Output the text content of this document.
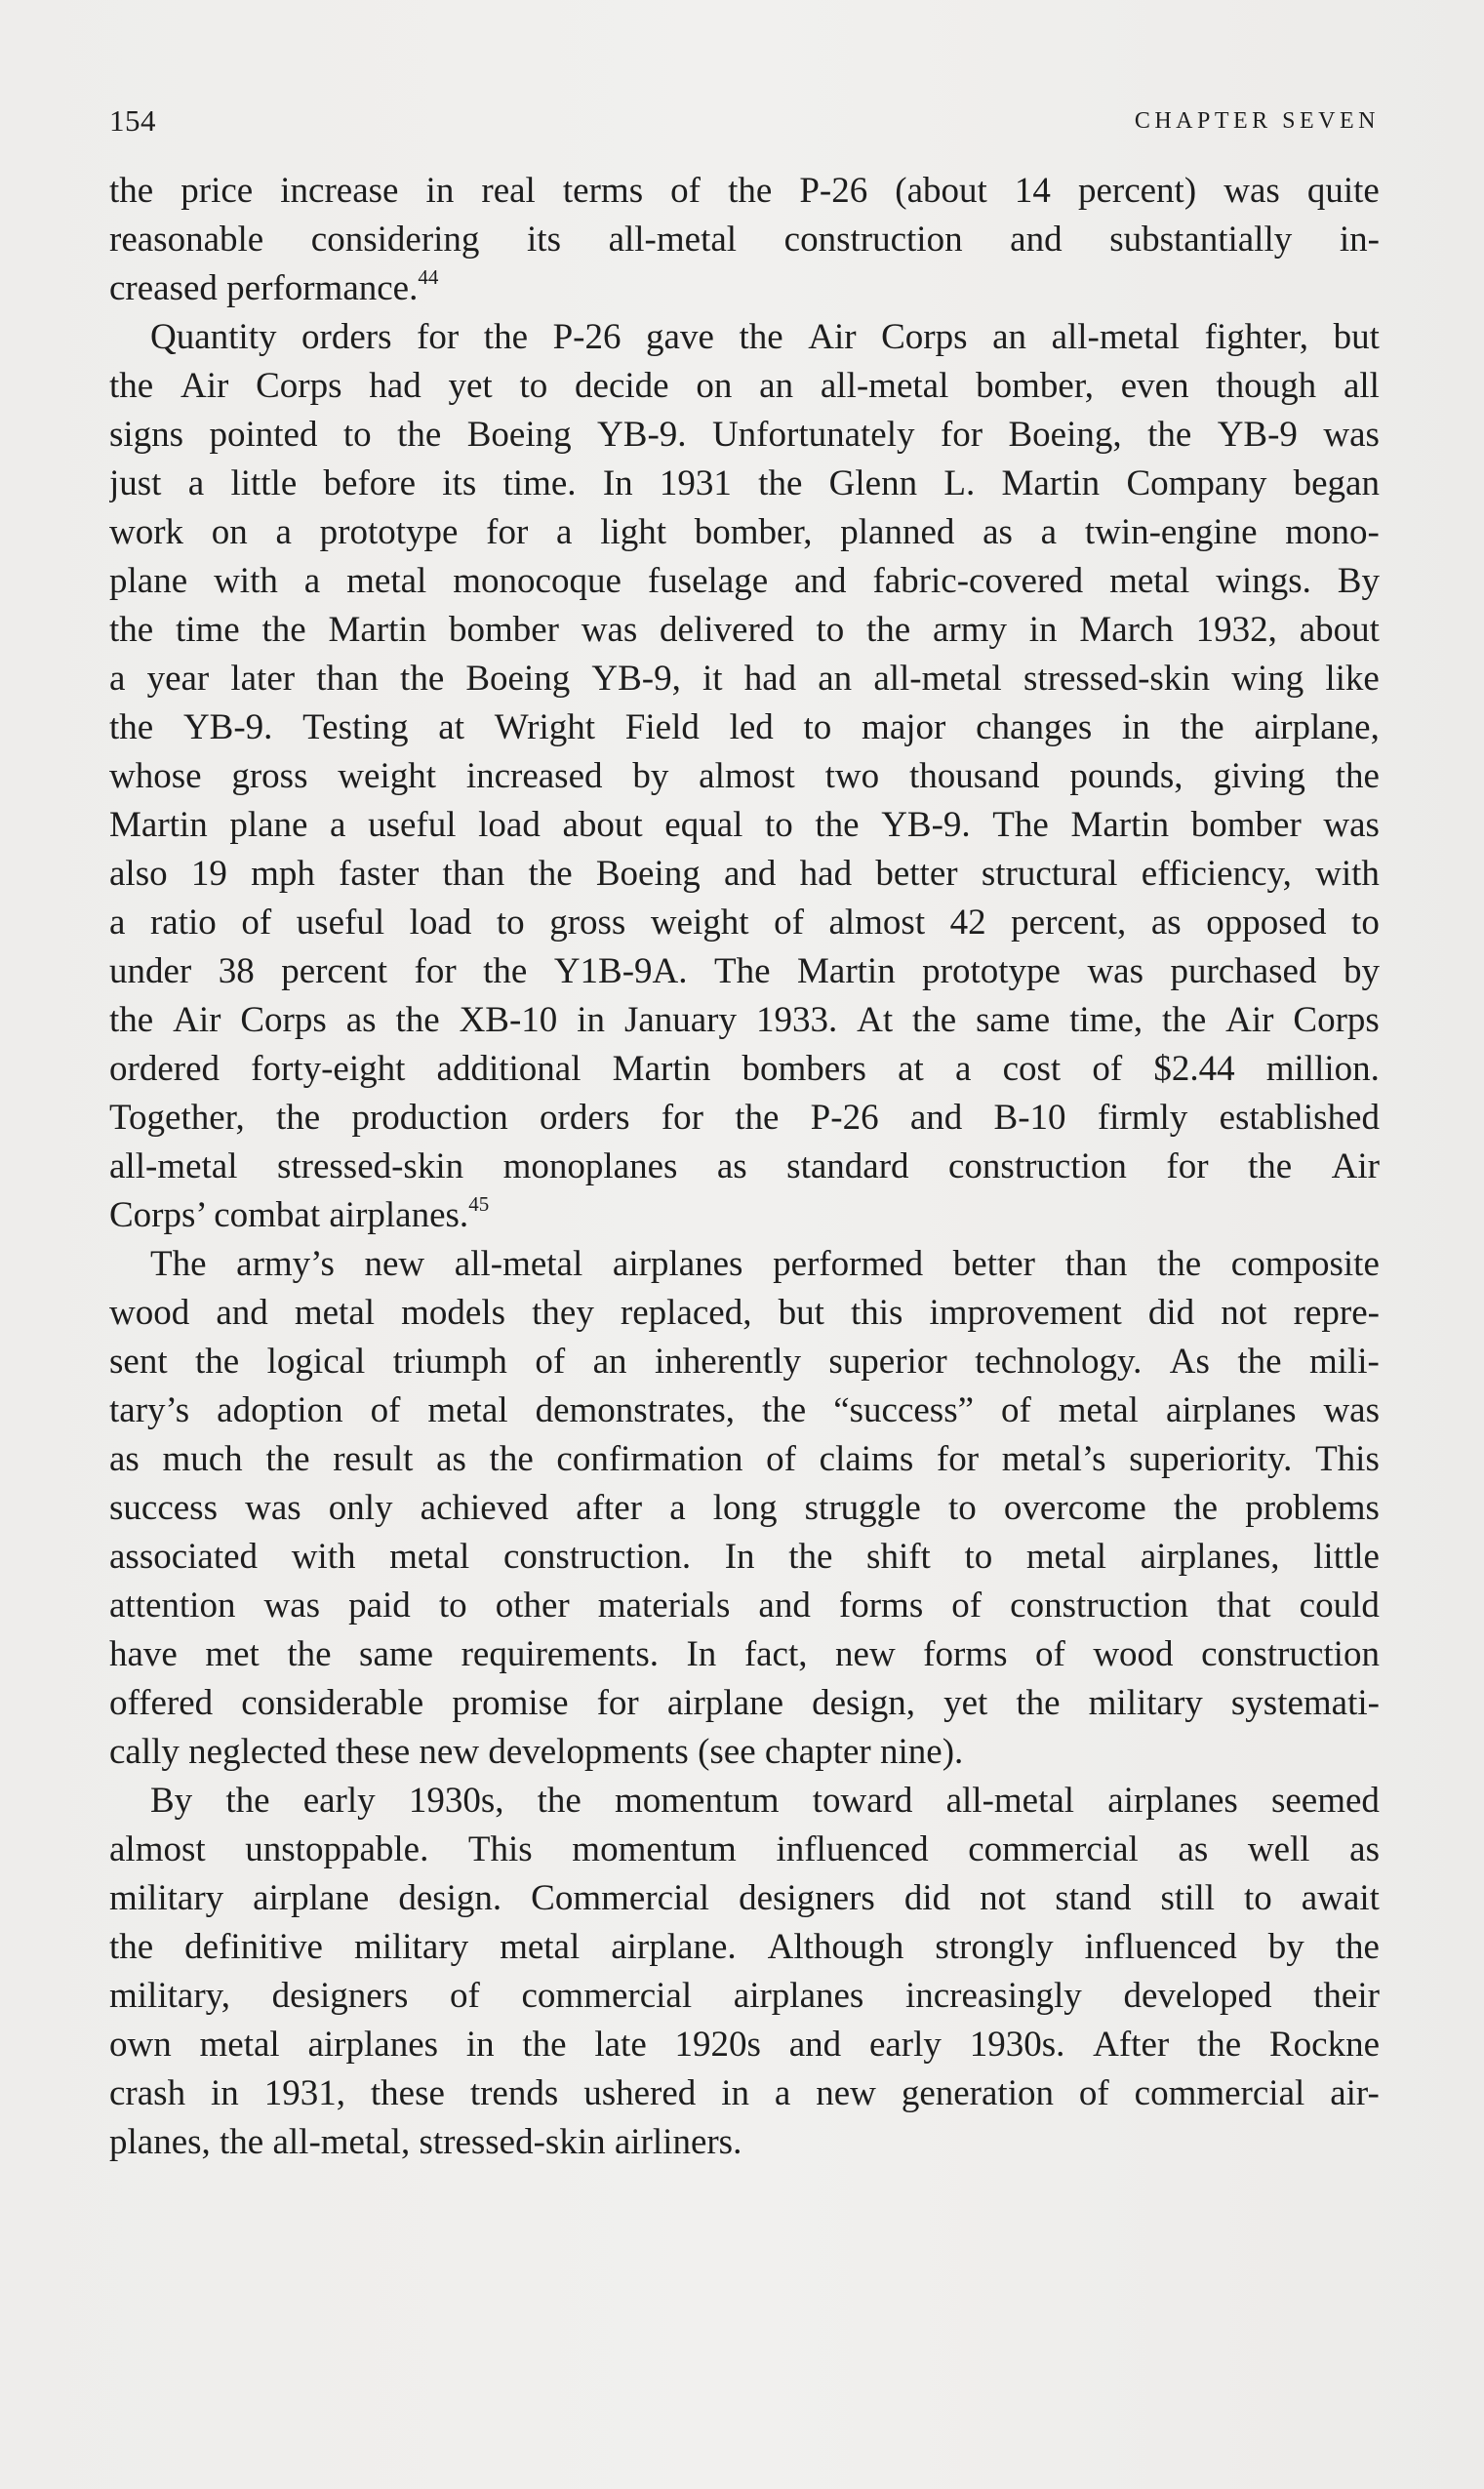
154	CHAPTER SEVEN
the price increase in real terms of the P-26 (about 14 percent) was quite
reasonable considering its all-metal construction and substantially in-
creased performance.$^{44}$
Quantity orders for the P-26 gave the Air Corps an all-metal fighter, but
the Air Corps had yet to decide on an all-metal bomber, even though all
signs pointed to the Boeing YB-9. Unfortunately for Boeing, the YB-9 was
just a little before its time. In 1931 the Glenn L. Martin Company began
work on a prototype for a light bomber, planned as a twin-engine mono-
plane with a metal monocoque fuselage and fabric-covered metal wings. By
the time the Martin bomber was delivered to the army in March 1932, about
a year later than the Boeing YB-9, it had an all-metal stressed-skin wing like
the YB-9. Testing at Wright Field led to major changes in the airplane,
whose gross weight increased by almost two thousand pounds, giving the
Martin plane a useful load about equal to the YB-9. The Martin bomber was
also 19 mph faster than the Boeing and had better structural efficiency, with
a ratio of useful load to gross weight of almost 42 percent, as opposed to
under 38 percent for the Y1B-9A. The Martin prototype was purchased by
the Air Corps as the XB-10 in January 1933. At the same time, the Air Corps
ordered forty-eight additional Martin bombers at a cost of $2.44 million.
Together, the production orders for the P-26 and B-10 firmly established
all-metal stressed-skin monoplanes as standard construction for the Air
Corps’ combat airplanes.$^{45}$
The army’s new all-metal airplanes performed better than the composite
wood and metal models they replaced, but this improvement did not repre-
sent the logical triumph of an inherently superior technology. As the mili-
tary’s adoption of metal demonstrates, the “success” of metal airplanes was
as much the result as the confirmation of claims for metal’s superiority. This
success was only achieved after a long struggle to overcome the problems
associated with metal construction. In the shift to metal airplanes, little
attention was paid to other materials and forms of construction that could
have met the same requirements. In fact, new forms of wood construction
offered considerable promise for airplane design, yet the military systemati-
cally neglected these new developments (see chapter nine).
By the early 1930s, the momentum toward all-metal airplanes seemed
almost unstoppable. This momentum influenced commercial as well as
military airplane design. Commercial designers did not stand still to await
the definitive military metal airplane. Although strongly influenced by the
military, designers of commercial airplanes increasingly developed their
own metal airplanes in the late 1920s and early 1930s. After the Rockne
crash in 1931, these trends ushered in a new generation of commercial air-
planes, the all-metal, stressed-skin airliners.
